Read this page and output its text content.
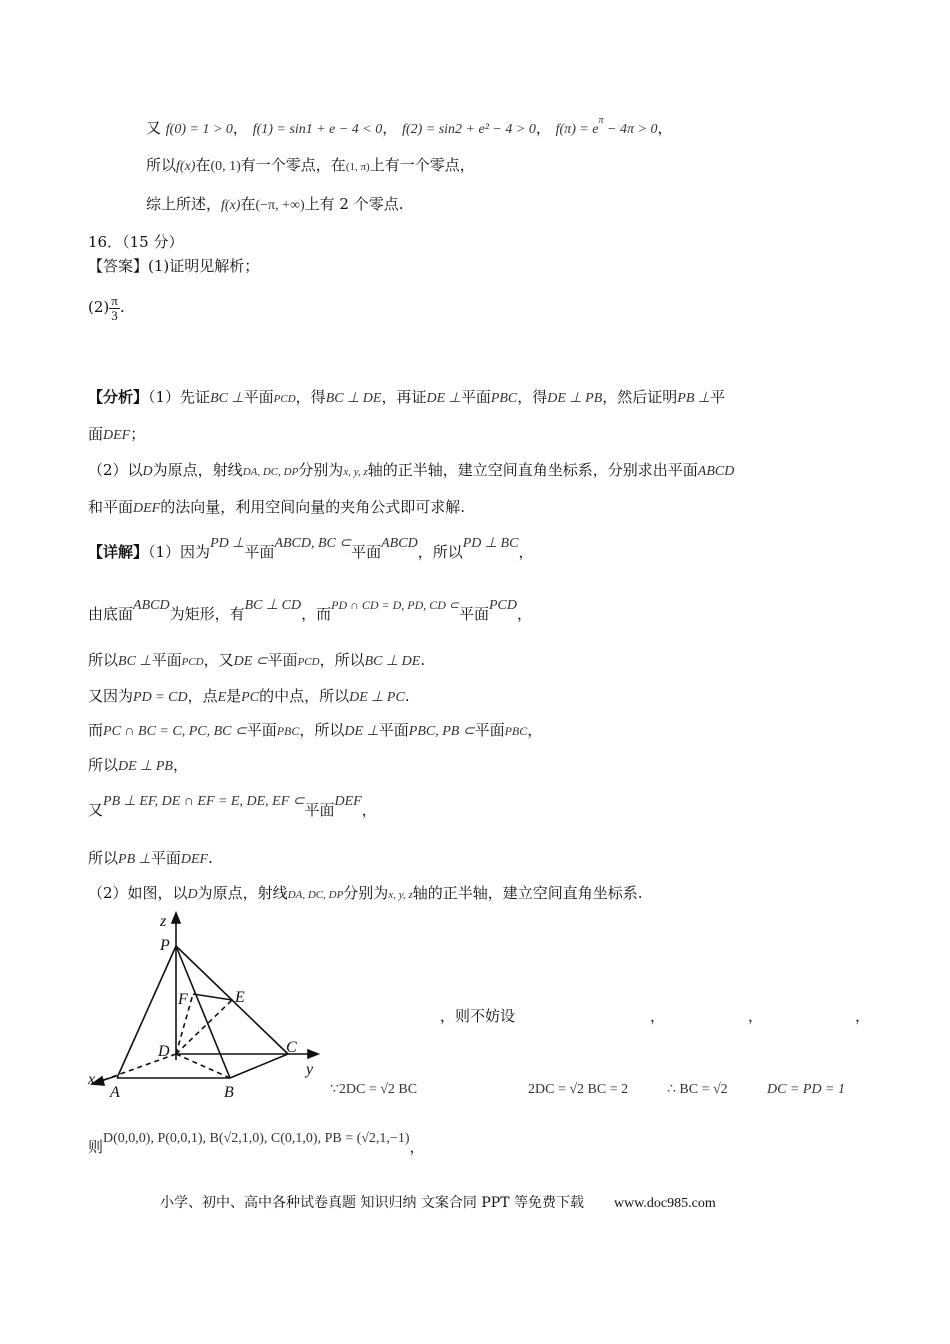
又 f(0) = 1 > 0， f(1) = sin1 + e − 4 < 0， f(2) = sin2 + e² − 4 > 0， $f(\pi) = e^\pi - 4\pi > 0$，
所以f(x)在(0, 1)有一个零点，在(1, π)上有一个零点，
综上所述，f(x)在(−π, +∞)上有 2 个零点.
16．（15 分）
【答案】(1)证明见解析；
$(2) \frac{\pi}{3}$ .
【分析】（1）先证BC ⊥平面PCD，得BC ⊥ DE，再证DE ⊥平面PBC，得DE ⊥ PB，然后证明PB ⊥平
面DEF；
（2）以D为原点，射线DA, DC, DP分别为x, y, z轴的正半轴，建立空间直角坐标系，分别求出平面ABCD
和平面DEF的法向量，利用空间向量的夹角公式即可求解.
【详解】（1）因为PD ⊥平面ABCD, BC ⊂平面ABCD，所以PD ⊥ BC，
由底面ABCD为矩形，有BC ⊥ CD，而$^{PD \cap CD = D, PD, CD \subset}$平面PCD，
所以BC ⊥平面PCD，又DE ⊂平面PCD，所以BC ⊥ DE.
又因为PD = CD，点E是PC的中点，所以DE ⊥ PC.
而PC ∩ BC = C, PC, BC ⊂平面PBC，所以DE ⊥平面PBC, PB ⊂平面PBC，
所以DE ⊥ PB，
又PB ⊥ EF, DE ∩ EF = E, DE, EF ⊂平面DEF，
所以PB ⊥平面DEF.
（2）如图，以D为原点，射线DA, DC, DP分别为x, y, z轴的正半轴，建立空间直角坐标系.
z
P
F	E
D	C
y
x
A	B
，则不妨设	，	，	，
∵2DC = √2 BC	2DC = √2 BC = 2	∴ BC = √2	DC = PD = 1
则D(0,0,0), P(0,0,1), B(√2,1,0), C(0,1,0), PB = (√2,1,−1)，
小学、初中、高中各种试卷真题 知识归纳 文案合同 PPT 等免费下载 www.doc985.com
